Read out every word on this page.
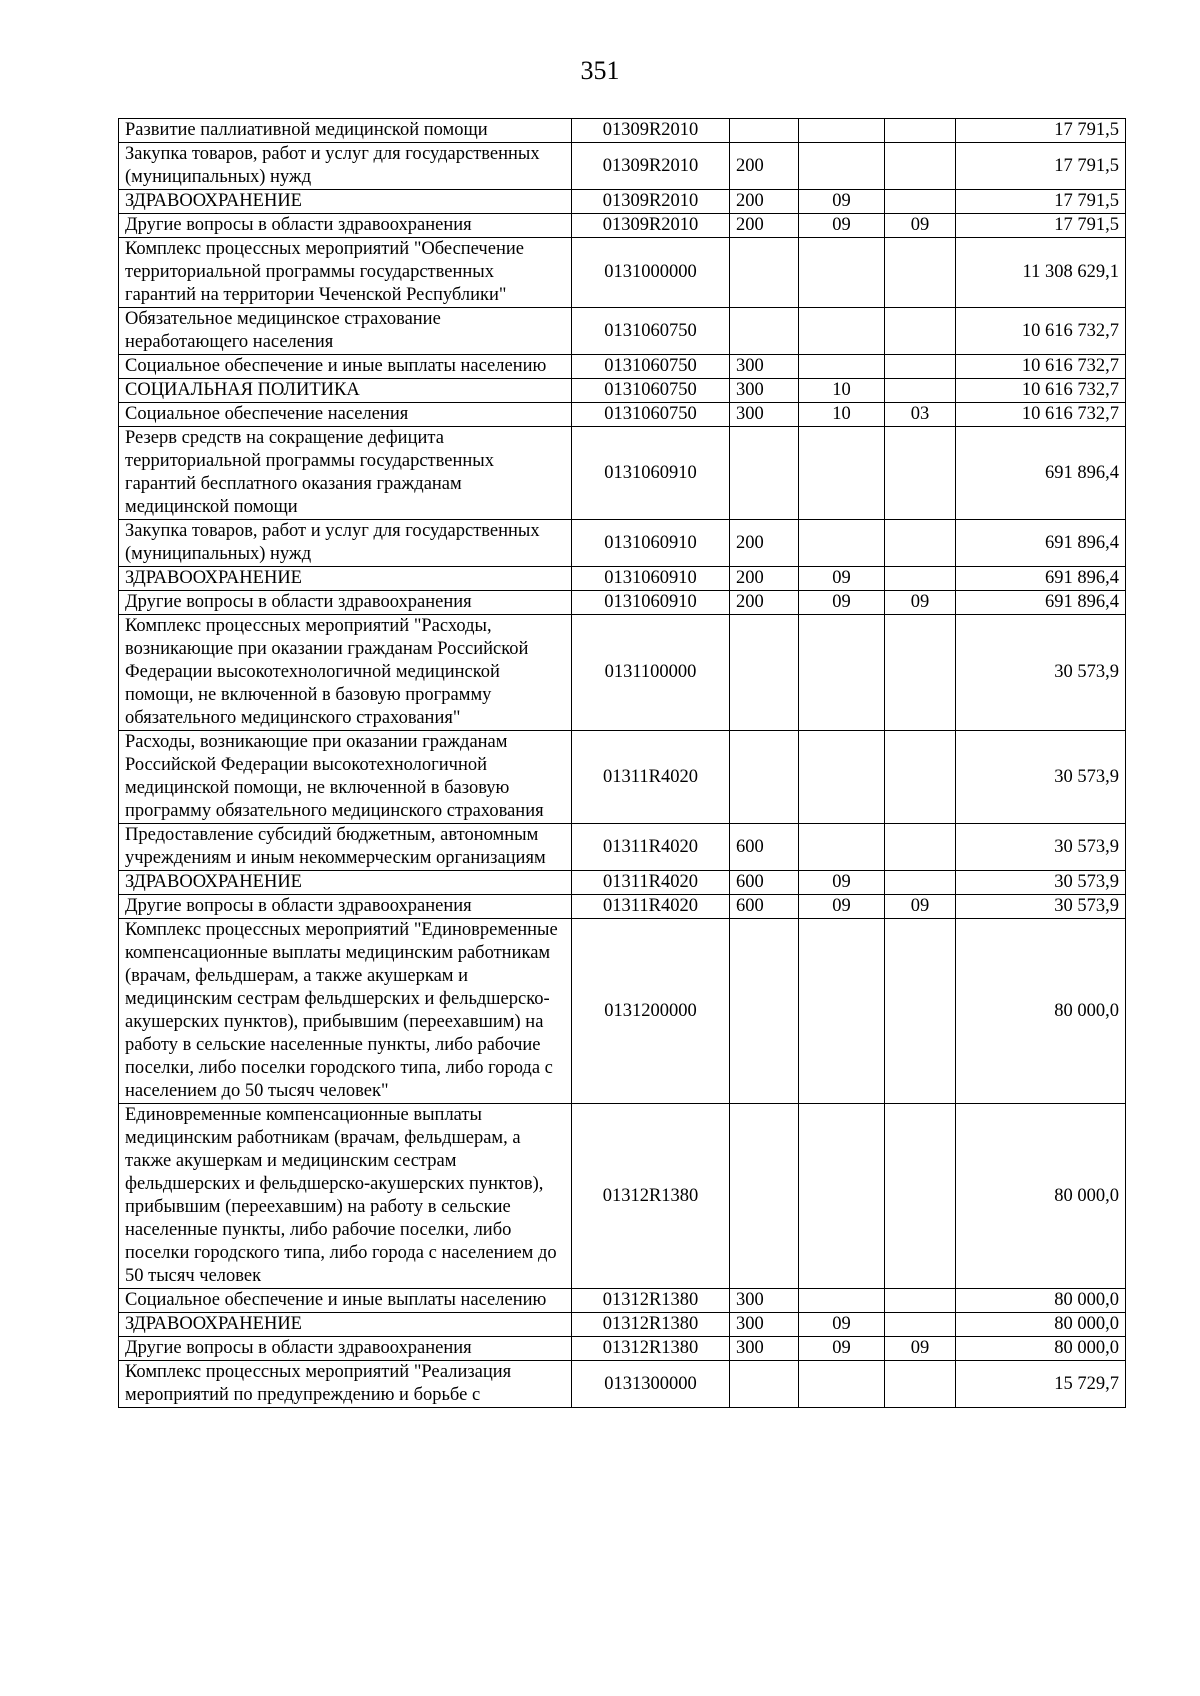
351
Развитие паллиативной медицинской помощи	01309R2010				17 791,5
Закупка товаров, работ и услуг для государственных (муниципальных) нужд	01309R2010	200			17 791,5
ЗДРАВООХРАНЕНИЕ	01309R2010	200	09		17 791,5
Другие вопросы в области здравоохранения	01309R2010	200	09	09	17 791,5
Комплекс процессных мероприятий "Обеспечение территориальной программы государственных гарантий на территории Чеченской Республики"	0131000000				11 308 629,1
Обязательное медицинское страхование неработающего населения	0131060750				10 616 732,7
Социальное обеспечение и иные выплаты населению	0131060750	300			10 616 732,7
СОЦИАЛЬНАЯ ПОЛИТИКА	0131060750	300	10		10 616 732,7
Социальное обеспечение населения	0131060750	300	10	03	10 616 732,7
Резерв средств на сокращение дефицита территориальной программы государственных гарантий бесплатного оказания гражданам медицинской помощи	0131060910				691 896,4
Закупка товаров, работ и услуг для государственных (муниципальных) нужд	0131060910	200			691 896,4
ЗДРАВООХРАНЕНИЕ	0131060910	200	09		691 896,4
Другие вопросы в области здравоохранения	0131060910	200	09	09	691 896,4
Комплекс процессных мероприятий "Расходы, возникающие при оказании гражданам Российской Федерации высокотехнологичной медицинской помощи, не включенной в базовую программу обязательного медицинского страхования"	0131100000				30 573,9
Расходы, возникающие при оказании гражданам Российской Федерации высокотехнологичной медицинской помощи, не включенной в базовую программу обязательного медицинского страхования	01311R4020				30 573,9
Предоставление субсидий бюджетным, автономным учреждениям и иным некоммерческим организациям	01311R4020	600			30 573,9
ЗДРАВООХРАНЕНИЕ	01311R4020	600	09		30 573,9
Другие вопросы в области здравоохранения	01311R4020	600	09	09	30 573,9
Комплекс процессных мероприятий "Единовременные компенсационные выплаты медицинским работникам (врачам, фельдшерам, а также акушеркам и медицинским сестрам фельдшерских и фельдшерско-акушерских пунктов), прибывшим (переехавшим) на работу в сельские населенные пункты, либо рабочие поселки, либо поселки городского типа, либо города с населением до 50 тысяч человек"	0131200000				80 000,0
Единовременные компенсационные выплаты медицинским работникам (врачам, фельдшерам, а также акушеркам и медицинским сестрам фельдшерских и фельдшерско-акушерских пунктов), прибывшим (переехавшим) на работу в сельские населенные пункты, либо рабочие поселки, либо поселки городского типа, либо города с населением до 50 тысяч человек	01312R1380				80 000,0
Социальное обеспечение и иные выплаты населению	01312R1380	300			80 000,0
ЗДРАВООХРАНЕНИЕ	01312R1380	300	09		80 000,0
Другие вопросы в области здравоохранения	01312R1380	300	09	09	80 000,0
Комплекс процессных мероприятий "Реализация мероприятий по предупреждению и борьбе с	0131300000				15 729,7
